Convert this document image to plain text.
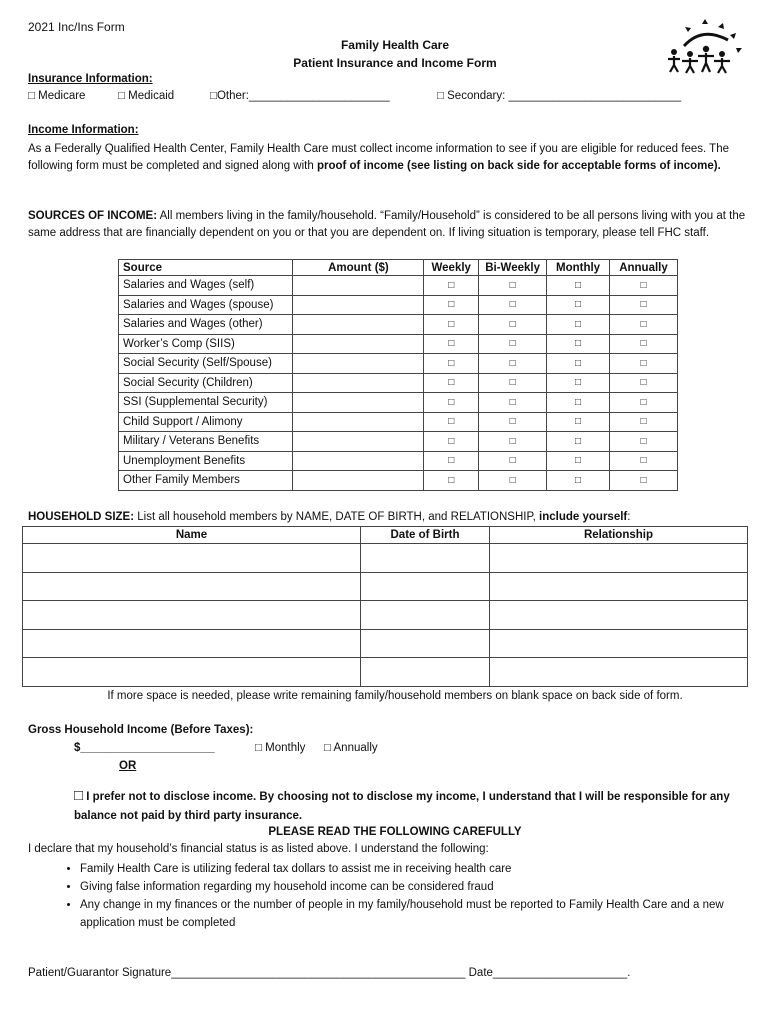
2021 Inc/Ins Form
Family Health Care
Patient Insurance and Income Form
Insurance Information:
□ Medicare	□ Medicaid	□Other:______________________	□ Secondary: ___________________________
Income Information:
As a Federally Qualified Health Center, Family Health Care must collect income information to see if you are eligible for reduced fees. The following form must be completed and signed along with proof of income (see listing on back side for acceptable forms of income).
SOURCES OF INCOME: All members living in the family/household. “Family/Household” is considered to be all persons living with you at the same address that are financially dependent on you or that you are dependent on. If living situation is temporary, please tell FHC staff.
Source	Amount ($)	Weekly	Bi-Weekly	Monthly	Annually
Salaries and Wages (self)		□	□	□	□
Salaries and Wages (spouse)		□	□	□	□
Salaries and Wages (other)		□	□	□	□
Worker’s Comp (SIIS)		□	□	□	□
Social Security (Self/Spouse)		□	□	□	□
Social Security (Children)		□	□	□	□
SSI (Supplemental Security)		□	□	□	□
Child Support / Alimony		□	□	□	□
Military / Veterans Benefits		□	□	□	□
Unemployment Benefits		□	□	□	□
Other Family Members		□	□	□	□
HOUSEHOLD SIZE: List all household members by NAME, DATE OF BIRTH, and RELATIONSHIP, include yourself:
Name	Date of Birth	Relationship

If more space is needed, please write remaining family/household members on blank space on back side of form.
Gross Household Income (Before Taxes):
$_____________________	□ Monthly □ Annually
OR
□ I prefer not to disclose income. By choosing not to disclose my income, I understand that I will be responsible for any balance not paid by third party insurance.
PLEASE READ THE FOLLOWING CAREFULLY
I declare that my household’s financial status is as listed above. I understand the following:
• Family Health Care is utilizing federal tax dollars to assist me in receiving health care
• Giving false information regarding my household income can be considered fraud
• Any change in my finances or the number of people in my family/household must be reported to Family Health Care and a new application must be completed
Patient/Guarantor Signature______________________________________________ Date_____________________.
